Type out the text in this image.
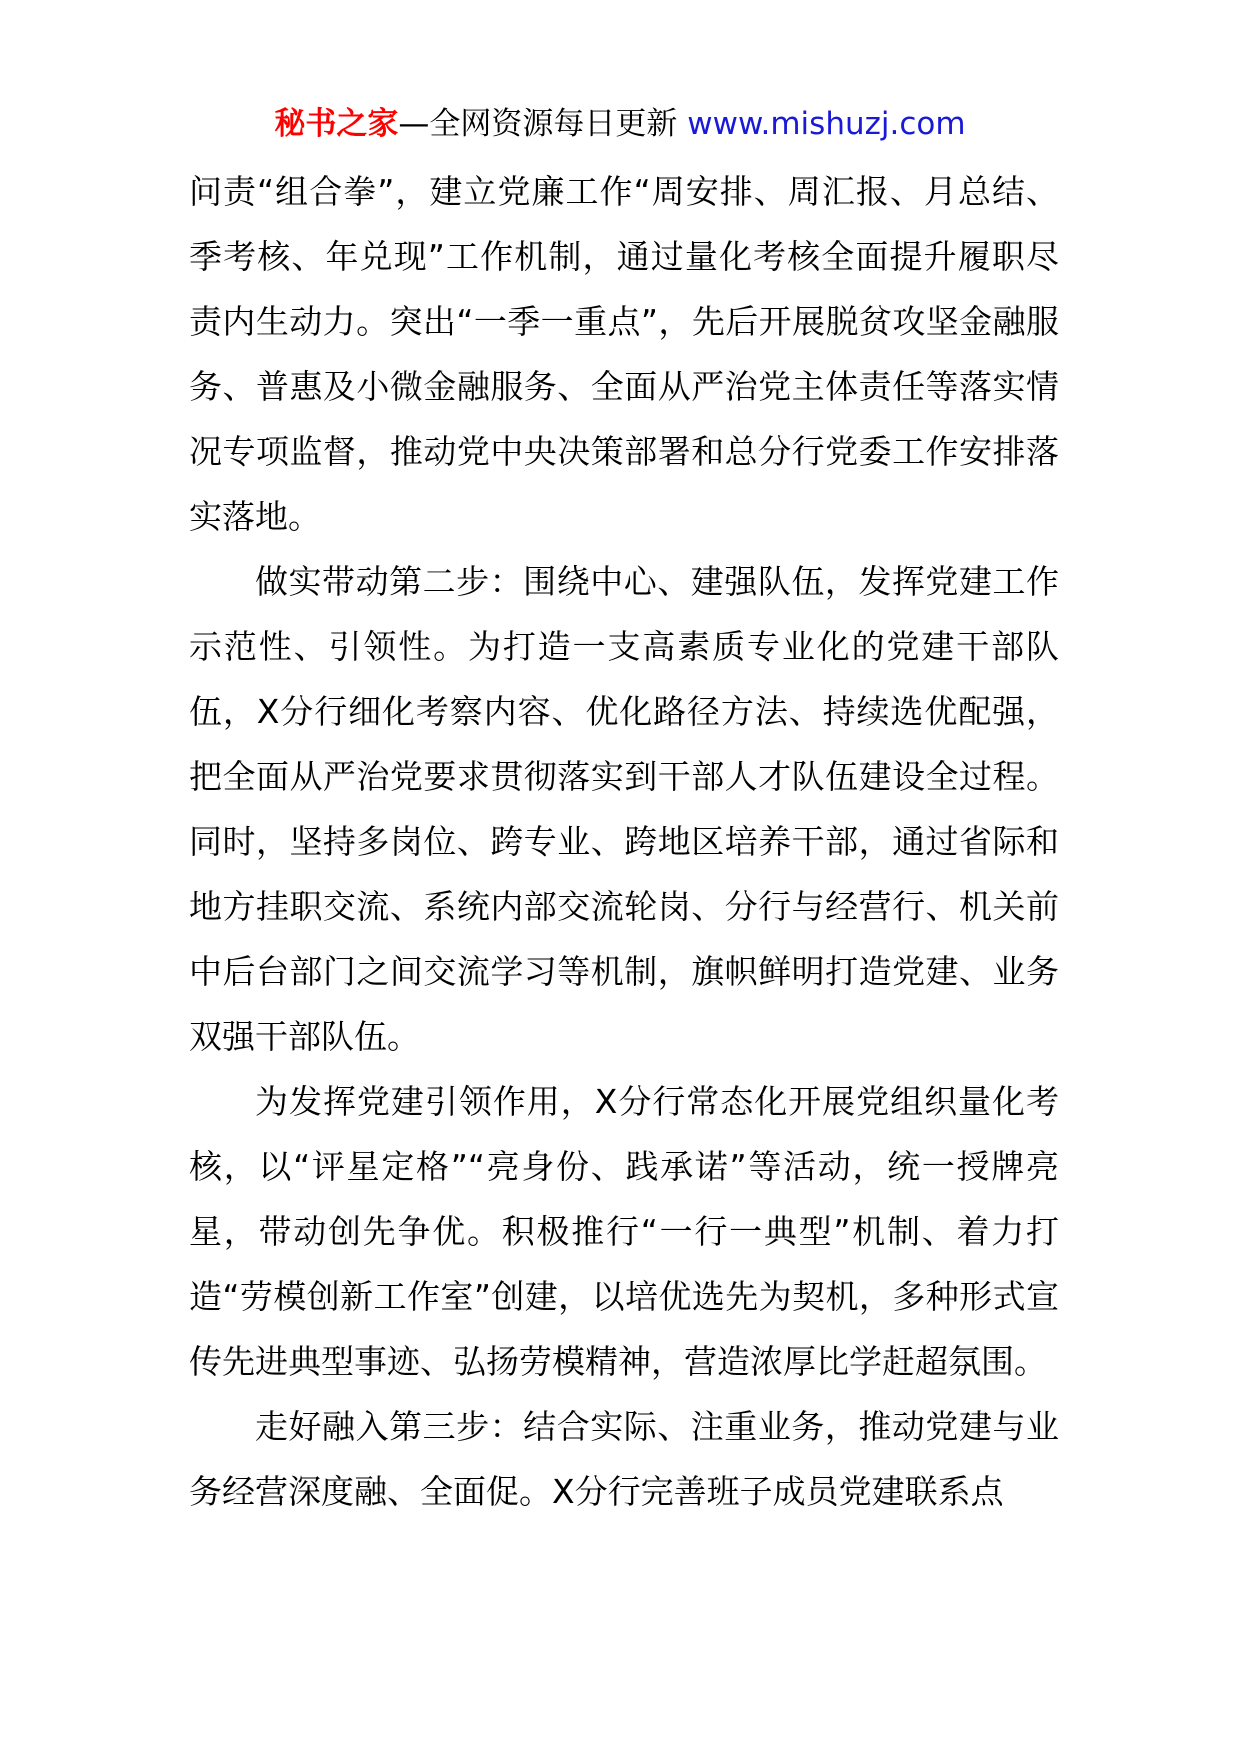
秘书之家—全网资源每日更新 www.mishuzj.com

问责“组合拳”，建立党廉工作“周安排、周汇报、月总结、季考核、年兑现”工作机制，通过量化考核全面提升履职尽责内生动力。突出“一季一重点”，先后开展脱贫攻坚金融服务、普惠及小微金融服务、全面从严治党主体责任等落实情况专项监督，推动党中央决策部署和总分行党委工作安排落实落地。

做实带动第二步：围绕中心、建强队伍，发挥党建工作示范性、引领性。为打造一支高素质专业化的党建干部队伍，X分行细化考察内容、优化路径方法、持续选优配强，把全面从严治党要求贯彻落实到干部人才队伍建设全过程。同时，坚持多岗位、跨专业、跨地区培养干部，通过省际和地方挂职交流、系统内部交流轮岗、分行与经营行、机关前中后台部门之间交流学习等机制，旗帜鲜明打造党建、业务双强干部队伍。

为发挥党建引领作用，X分行常态化开展党组织量化考核，以“评星定格”“亮身份、践承诺”等活动，统一授牌亮星，带动创先争优。积极推行“一行一典型”机制、着力打造“劳模创新工作室”创建，以培优选先为契机，多种形式宣传先进典型事迹、弘扬劳模精神，营造浓厚比学赶超氛围。

走好融入第三步：结合实际、注重业务，推动党建与业务经营深度融、全面促。X分行完善班子成员党建联系点
